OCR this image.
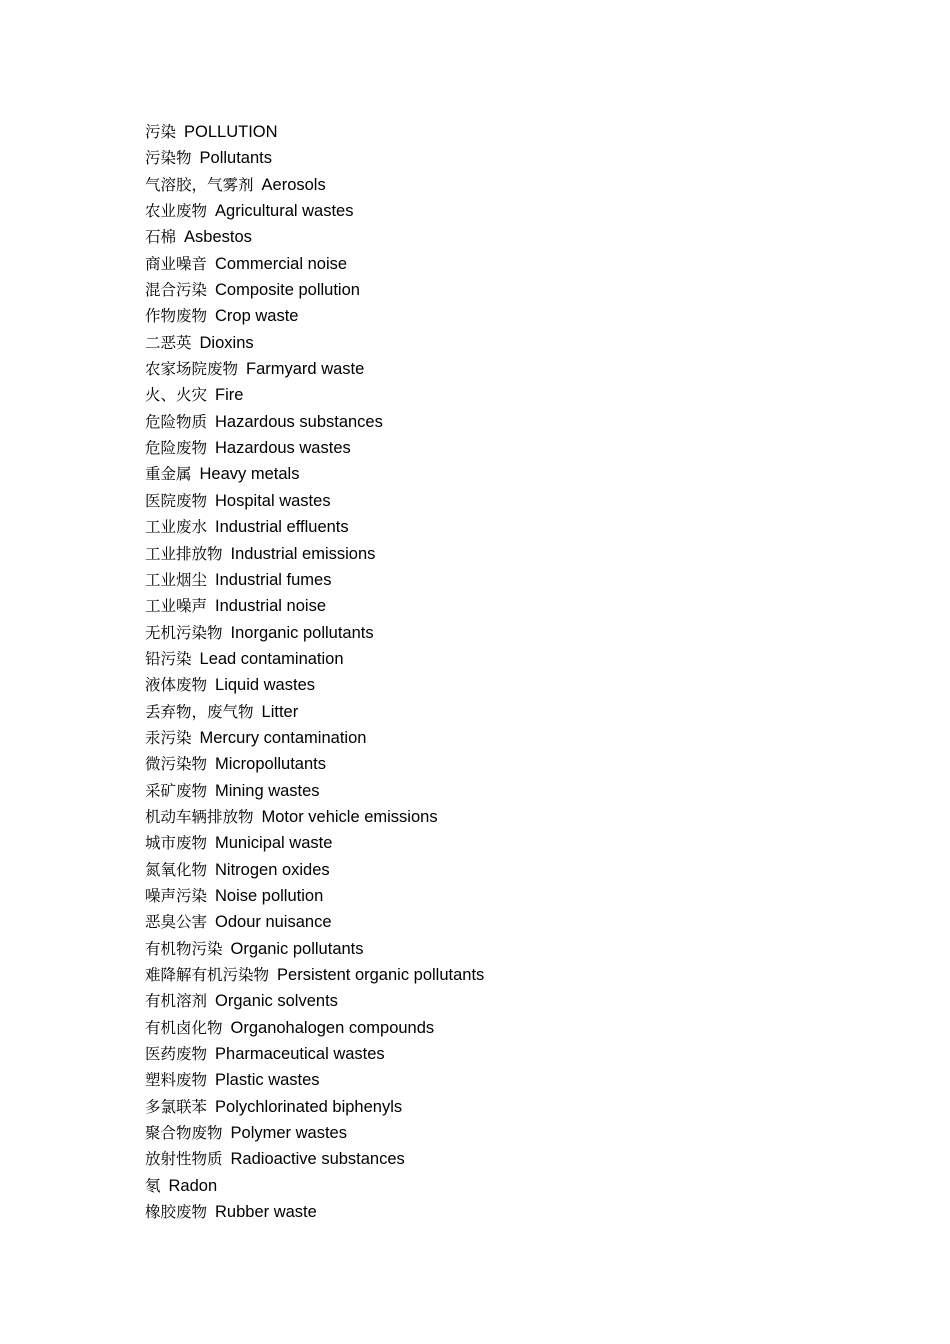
污染 POLLUTION
污染物 Pollutants
气溶胶，气雾剂 Aerosols
农业废物 Agricultural wastes
石棉 Asbestos
商业噪音 Commercial noise
混合污染 Composite pollution
作物废物 Crop waste
二恶英 Dioxins
农家场院废物 Farmyard waste
火、火灾 Fire
危险物质 Hazardous substances
危险废物 Hazardous wastes
重金属 Heavy metals
医院废物 Hospital wastes
工业废水 Industrial effluents
工业排放物 Industrial emissions
工业烟尘 Industrial fumes
工业噪声 Industrial noise
无机污染物 Inorganic pollutants
铅污染 Lead contamination
液体废物 Liquid wastes
丢弃物，废气物 Litter
汞污染 Mercury contamination
微污染物 Micropollutants
采矿废物 Mining wastes
机动车辆排放物 Motor vehicle emissions
城市废物 Municipal waste
氮氧化物 Nitrogen oxides
噪声污染 Noise pollution
恶臭公害 Odour nuisance
有机物污染 Organic pollutants
难降解有机污染物 Persistent organic pollutants
有机溶剂 Organic solvents
有机卤化物 Organohalogen compounds
医药废物 Pharmaceutical wastes
塑料废物 Plastic wastes
多氯联苯 Polychlorinated biphenyls
聚合物废物 Polymer wastes
放射性物质 Radioactive substances
氡 Radon
橡胶废物 Rubber waste
